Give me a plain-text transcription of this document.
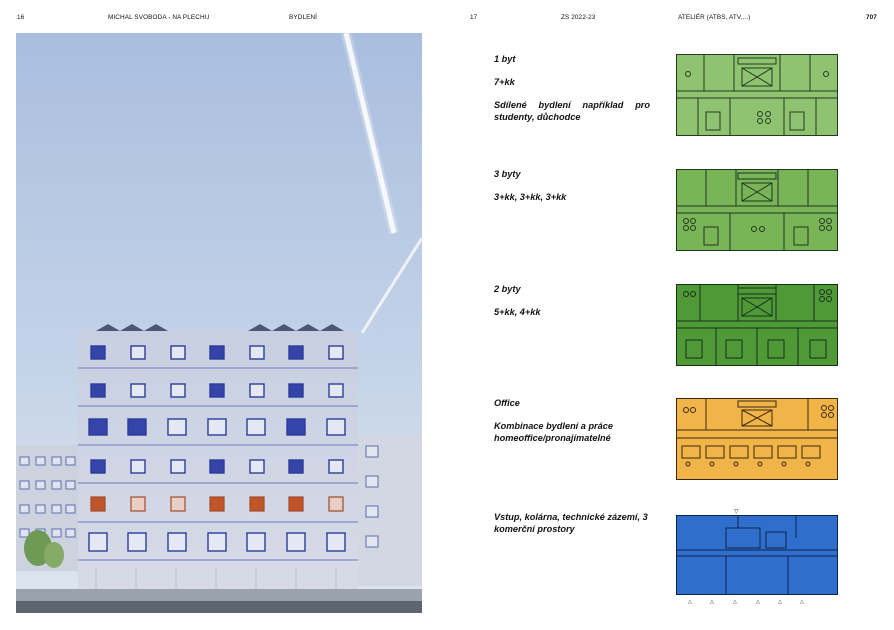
16	MICHAL SVOBODA - NA PLECHU	BYDLENÍ	17	ZS 2022-23	ATELIÉR (ATBS, ATV,...)	707

1 byt

7+kk

Sdílené bydlení například pro studenty, důchodce

3 byty

3+kk, 3+kk, 3+kk

2 byty

5+kk, 4+kk

Office

Kombinace bydlení a práce homeoffice/pronajímatelné

Vstup, kolárna, technické zázemí, 3 komerční prostory

▽
△	△	△	△	△	△
